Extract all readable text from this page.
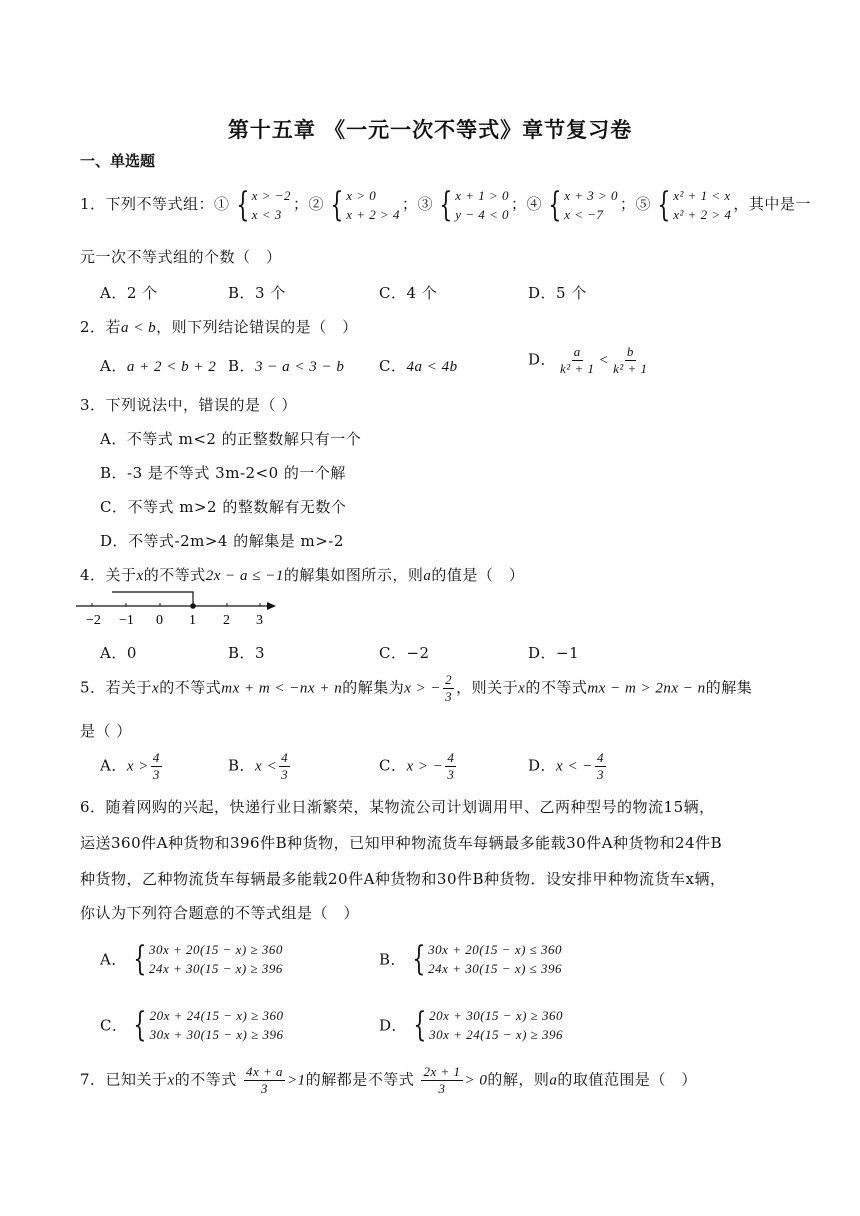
第十五章 《一元一次不等式》章节复习卷
一、单选题
1．下列不等式组：① { x > −2
x < 3
；② { x > 0
x + 2 > 4
；③ { x + 1 > 0
y − 4 < 0
；④ { x + 3 > 0
x < −7
；⑤ { x² + 1 < x
x² + 2 > 4
，其中是一
元一次不等式组的个数（　）
A．2 个	B．3 个	C．4 个	D．5 个
2．若a < b，则下列结论错误的是（　）
A．a + 2 < b + 2 B．3 − a < 3 − b C．4a < 4b	D． $\frac{a}{\text{k² + 1}} < \frac{b}{\text{k² + 1}}$
3．下列说法中，错误的是（ ）
A．不等式 m<2 的正整数解只有一个
B．-3 是不等式 3m-2<0 的一个解
C．不等式 m>2 的整数解有无数个
D．不等式-2m>4 的解集是 m>-2
4．关于x的不等式2x − a ≤ −1的解集如图所示，则a的值是（　）
−2 −1 0 1 2 3
A．0	B．3	C．−2	D．−1
5．若关于x的不等式mx + m < −nx + n的解集为x > − $\frac{2}{3}$ ，则关于x的不等式mx − m > 2nx − n的解集
是（ ）
A．$x > \frac{4}{3}$	B．$x < \frac{4}{3}$	C．x > − $\frac{4}{3}$	D．x < − $\frac{4}{3}$
6．随着网购的兴起，快递行业日渐繁荣，某物流公司计划调用甲、乙两种型号的物流15辆，
运送360件A种货物和396件B种货物，已知甲种物流货车每辆最多能载30件A种货物和24件B
种货物，乙种物流货车每辆最多能载20件A种货物和30件B种货物．设安排甲种物流货车x辆，
你认为下列符合题意的不等式组是（　）
A． { 30x + 20(15 − x) ≥ 360
24x + 30(15 − x) ≥ 396	B． { 30x + 20(15 − x) ≤ 360
24x + 30(15 − x) ≤ 396
C． { 20x + 24(15 − x) ≥ 360
30x + 30(15 − x) ≥ 396	D． { 20x + 30(15 − x) ≥ 360
30x + 24(15 − x) ≥ 396
7．已知关于x的不等式 $\frac{4x + a}{3} >1$的解都是不等式 $\frac{2x + 1}{3} > 0$的解，则a的取值范围是（　）
